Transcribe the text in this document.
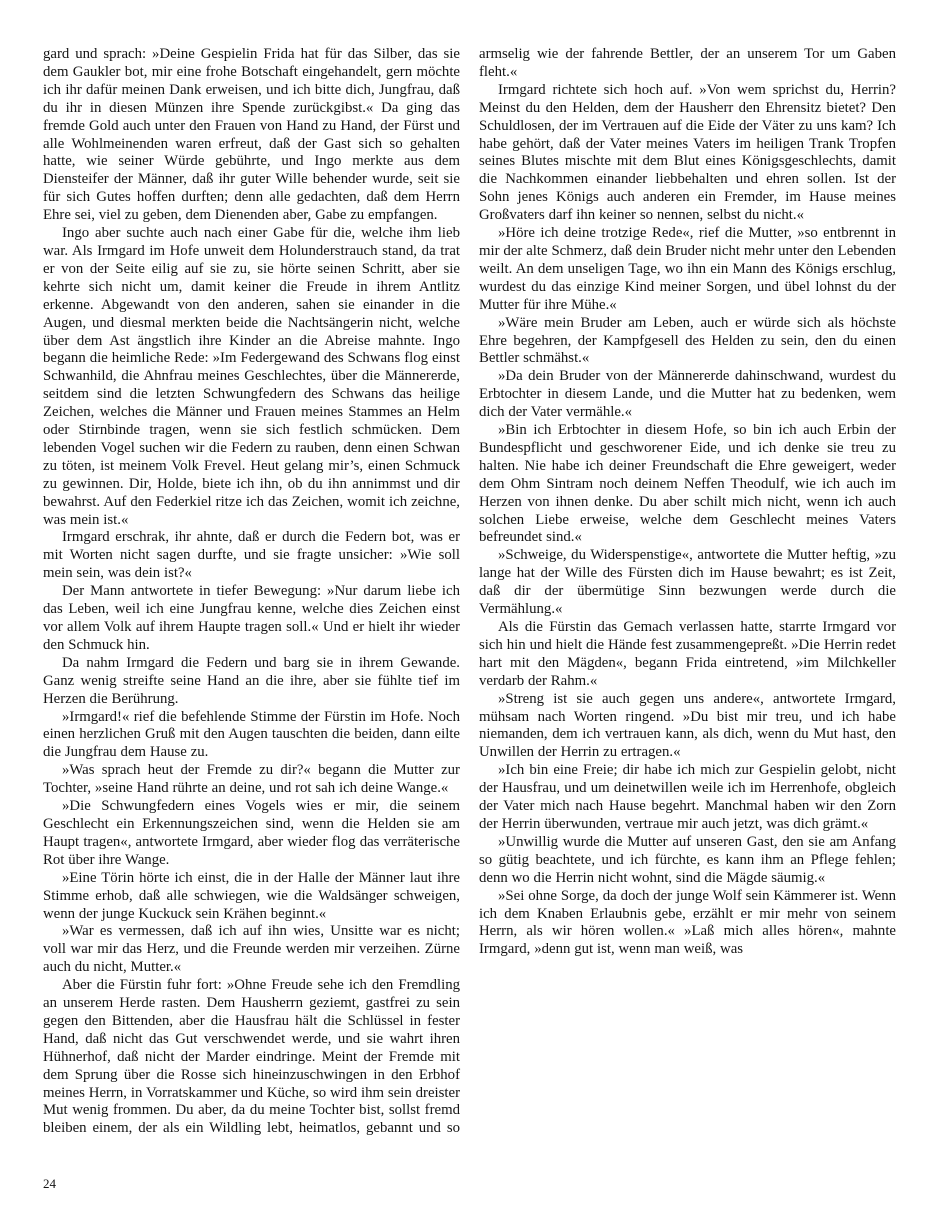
gard und sprach: »Deine Gespielin Frida hat für das Silber, das sie dem Gaukler bot, mir eine frohe Botschaft eingehandelt, gern möchte ich ihr dafür meinen Dank erweisen, und ich bitte dich, Jungfrau, daß du ihr in diesen Münzen ihre Spende zurückgibst.« Da ging das fremde Gold auch unter den Frauen von Hand zu Hand, der Fürst und alle Wohlmeinenden waren erfreut, daß der Gast sich so gehalten hatte, wie seiner Würde gebührte, und Ingo merkte aus dem Diensteifer der Männer, daß ihr guter Wille behender wurde, seit sie für sich Gutes hoffen durften; denn alle gedachten, daß dem Herrn Ehre sei, viel zu geben, dem Dienenden aber, Gabe zu empfangen.

Ingo aber suchte auch nach einer Gabe für die, welche ihm lieb war. Als Irmgard im Hofe unweit dem Holunderstrauch stand, da trat er von der Seite eilig auf sie zu, sie hörte seinen Schritt, aber sie kehrte sich nicht um, damit keiner die Freude in ihrem Antlitz erkenne. Abgewandt von den anderen, sahen sie einander in die Augen, und diesmal merkten beide die Nachtsängerin nicht, welche über dem Ast ängstlich ihre Kinder an die Abreise mahnte. Ingo begann die heimliche Rede: »Im Federgewand des Schwans flog einst Schwanhild, die Ahnfrau meines Geschlechtes, über die Männererde, seitdem sind die letzten Schwungfedern des Schwans das heilige Zeichen, welches die Männer und Frauen meines Stammes an Helm oder Stirnbinde tragen, wenn sie sich festlich schmücken. Dem lebenden Vogel suchen wir die Federn zu rauben, denn einen Schwan zu töten, ist meinem Volk Frevel. Heut gelang mir’s, einen Schmuck zu gewinnen. Dir, Holde, biete ich ihn, ob du ihn annimmst und dir bewahrst. Auf den Federkiel ritze ich das Zeichen, womit ich zeichne, was mein ist.«

Irmgard erschrak, ihr ahnte, daß er durch die Federn bot, was er mit Worten nicht sagen durfte, und sie fragte unsicher: »Wie soll mein sein, was dein ist?«

Der Mann antwortete in tiefer Bewegung: »Nur darum liebe ich das Leben, weil ich eine Jungfrau kenne, welche dies Zeichen einst vor allem Volk auf ihrem Haupte tragen soll.« Und er hielt ihr wieder den Schmuck hin.

Da nahm Irmgard die Federn und barg sie in ihrem Gewande. Ganz wenig streifte seine Hand an die ihre, aber sie fühlte tief im Herzen die Berührung.

»Irmgard!« rief die befehlende Stimme der Fürstin im Hofe. Noch einen herzlichen Gruß mit den Augen tauschten die beiden, dann eilte die Jungfrau dem Hause zu.

»Was sprach heut der Fremde zu dir?« begann die Mutter zur Tochter, »seine Hand rührte an deine, und rot sah ich deine Wange.«

»Die Schwungfedern eines Vogels wies er mir, die seinem Geschlecht ein Erkennungszeichen sind, wenn die Helden sie am Haupt tragen«, antwortete Irmgard, aber wieder flog das verräterische Rot über ihre Wange.

»Eine Törin hörte ich einst, die in der Halle der Männer laut ihre Stimme erhob, daß alle schwiegen, wie die Waldsänger schweigen, wenn der junge Kuckuck sein Krähen beginnt.«

»War es vermessen, daß ich auf ihn wies, Unsitte war es nicht; voll war mir das Herz, und die Freunde werden mir verzeihen. Zürne auch du nicht, Mutter.«

Aber die Fürstin fuhr fort: »Ohne Freude sehe ich den Fremdling an unserem Herde rasten. Dem Hausherrn geziemt, gastfrei zu sein gegen den Bittenden, aber die Hausfrau hält die Schlüssel in fester Hand, daß nicht das Gut verschwendet werde, und sie wahrt ihren Hühnerhof, daß nicht der Marder eindringe. Meint der Fremde mit dem Sprung über die Rosse sich hineinzuschwingen in den Erbhof meines Herrn, in Vorratskammer und Küche, so wird ihm sein dreister Mut wenig frommen. Du aber, da du meine Tochter bist, sollst fremd bleiben einem, der als ein Wildling lebt, heimatlos, gebannt und so armselig wie der fahrende Bettler, der an unserem Tor um Gaben fleht.«

Irmgard richtete sich hoch auf. »Von wem sprichst du, Herrin? Meinst du den Helden, dem der Hausherr den Ehrensitz bietet? Den Schuldlosen, der im Vertrauen auf die Eide der Väter zu uns kam? Ich habe gehört, daß der Vater meines Vaters im heiligen Trank Tropfen seines Blutes mischte mit dem Blut eines Königsgeschlechts, damit die Nachkommen einander liebbehalten und ehren sollen. Ist der Sohn jenes Königs auch anderen ein Fremder, im Hause meines Großvaters darf ihn keiner so nennen, selbst du nicht.«

»Höre ich deine trotzige Rede«, rief die Mutter, »so entbrennt in mir der alte Schmerz, daß dein Bruder nicht mehr unter den Lebenden weilt. An dem unseligen Tage, wo ihn ein Mann des Königs erschlug, wurdest du das einzige Kind meiner Sorgen, und übel lohnst du der Mutter für ihre Mühe.«

»Wäre mein Bruder am Leben, auch er würde sich als höchste Ehre begehren, der Kampfgesell des Helden zu sein, den du einen Bettler schmähst.«

»Da dein Bruder von der Männererde dahinschwand, wurdest du Erbtochter in diesem Lande, und die Mutter hat zu bedenken, wem dich der Vater vermähle.«

»Bin ich Erbtochter in diesem Hofe, so bin ich auch Erbin der Bundespflicht und geschworener Eide, und ich denke sie treu zu halten. Nie habe ich deiner Freundschaft die Ehre geweigert, weder dem Ohm Sintram noch deinem Neffen Theodulf, wie ich auch im Herzen von ihnen denke. Du aber schilt mich nicht, wenn ich auch solchen Liebe erweise, welche dem Geschlecht meines Vaters befreundet sind.«

»Schweige, du Widerspenstige«, antwortete die Mutter heftig, »zu lange hat der Wille des Fürsten dich im Hause bewahrt; es ist Zeit, daß dir der übermütige Sinn bezwungen werde durch die Vermählung.«

Als die Fürstin das Gemach verlassen hatte, starrte Irmgard vor sich hin und hielt die Hände fest zusammengepreßt. »Die Herrin redet hart mit den Mägden«, begann Frida eintretend, »im Milchkeller verdarb der Rahm.«

»Streng ist sie auch gegen uns andere«, antwortete Irmgard, mühsam nach Worten ringend. »Du bist mir treu, und ich habe niemanden, dem ich vertrauen kann, als dich, wenn du Mut hast, den Unwillen der Herrin zu ertragen.«

»Ich bin eine Freie; dir habe ich mich zur Gespielin gelobt, nicht der Hausfrau, und um deinetwillen weile ich im Herrenhofe, obgleich der Vater mich nach Hause begehrt. Manchmal haben wir den Zorn der Herrin überwunden, vertraue mir auch jetzt, was dich grämt.«

»Unwillig wurde die Mutter auf unseren Gast, den sie am Anfang so gütig beachtete, und ich fürchte, es kann ihm an Pflege fehlen; denn wo die Herrin nicht wohnt, sind die Mägde säumig.«

»Sei ohne Sorge, da doch der junge Wolf sein Kämmerer ist. Wenn ich dem Knaben Erlaubnis gebe, erzählt er mir mehr von seinem Herrn, als wir hören wollen.« »Laß mich alles hören«, mahnte Irmgard, »denn gut ist, wenn man weiß, was

24
